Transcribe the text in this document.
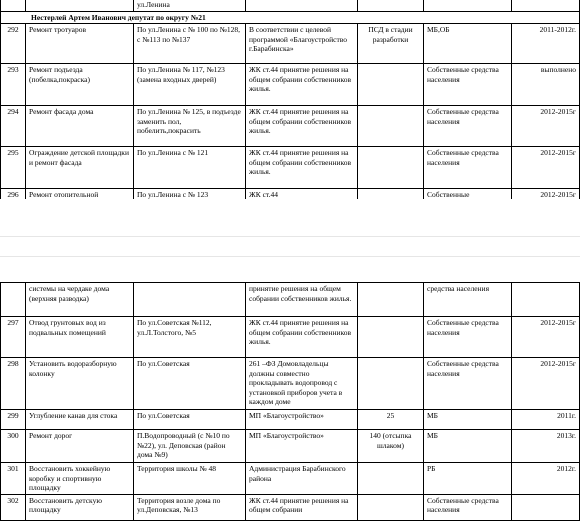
		ул.Ленина				
Нестерлей Артем Иванович депутат по округу №21						
292	Ремонт тротуаров	По ул.Ленина с № 100 по №128, с №113 по №137	В соответствии с целевой программой «Благоустройство г.Барабинска»	ПСД в стадии разработки	МБ,ОБ	2011-2012г.
293	Ремонт подъезда (побелка,покраска)	По ул.Ленина № 117, №123 (замена входных дверей)	ЖК ст.44 принятие решения на общем собрании собственников жилья.		Собственные средства населения	выполнено
294	Ремонт фасада дома	По ул.Ленина № 125, в подъезде заменить пол, побелить,покрасить	ЖК ст.44 принятие решения на общем собрании собственников жилья.		Собственные средства населения	2012-2015г
295	Ограждение детской площадки и ремонт фасада	По ул.Ленина с № 121	ЖК ст.44 принятие решения на общем собрании собственников жилья.		Собственные средства населения	2012-2015г
296	Ремонт отопительной	По ул.Ленина с № 123	ЖК ст.44		Собственные	2012-2015г
	системы на чердаке дома (верхняя разводка)		принятие решения на общем собрании собственников жилья.		средства населения	
297	Отвод грунтовых вод из подвальных помещений	По ул.Советская №112, ул.Л.Толстого, №5	ЖК ст.44 принятие решения на общем собрании собственников жилья.		Собственные средства населения	2012-2015г
298	Установить водоразборную колонку	По ул.Советская	261 –ФЗ Домовладельцы должны совместно прокладывать водопровод с установкой приборов учета в каждом доме		Собственные средства населения	2012-2015г
299	Углубление канав для стока	По ул.Советская	МП «Благоустройство»	25	МБ	2011г.
300	Ремонт дорог	П.Водопроводный (с №10 по №22), ул. Деповская (район дома №9)	МП «Благоустройство»	140 (отсыпка шлаком)	МБ	2013г.
301	Восстановить хоккейную коробку и спортивную площадку	Территория школы № 48	Администрация Барабинского района		РБ	2012г.
302	Восстановить детскую площадку	Территория возле дома по ул.Деповская, №13	ЖК ст.44 принятие решения на общем собрании		Собственные средства населения	
